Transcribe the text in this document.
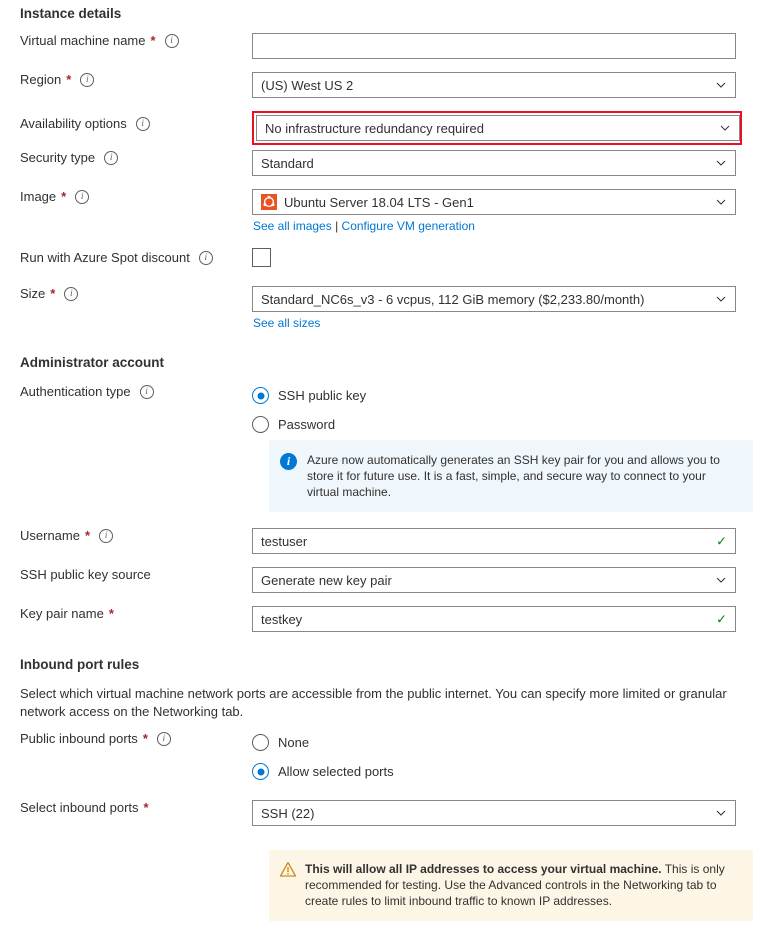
Instance details
Virtual machine name *	i
Region *	i	(US) West US 2
Availability options	i	No infrastructure redundancy required
Security type	i	Standard
Image *	i	Ubuntu Server 18.04 LTS - Gen1
See all images | Configure VM generation
Run with Azure Spot discount	i
Size *	i	Standard_NC6s_v3 - 6 vcpus, 112 GiB memory ($2,233.80/month)
See all sizes
Administrator account
Authentication type	i	SSH public key
Password
i	Azure now automatically generates an SSH key pair for you and allows you to store it for future use. It is a fast, simple, and secure way to connect to your virtual machine.
Username *	i	testuser	✓
SSH public key source	Generate new key pair
Key pair name *	testkey	✓
Inbound port rules
Select which virtual machine network ports are accessible from the public internet. You can specify more limited or granular network access on the Networking tab.
Public inbound ports *	i	None
Allow selected ports
Select inbound ports *	SSH (22)
This will allow all IP addresses to access your virtual machine. This is only recommended for testing. Use the Advanced controls in the Networking tab to create rules to limit inbound traffic to known IP addresses.
